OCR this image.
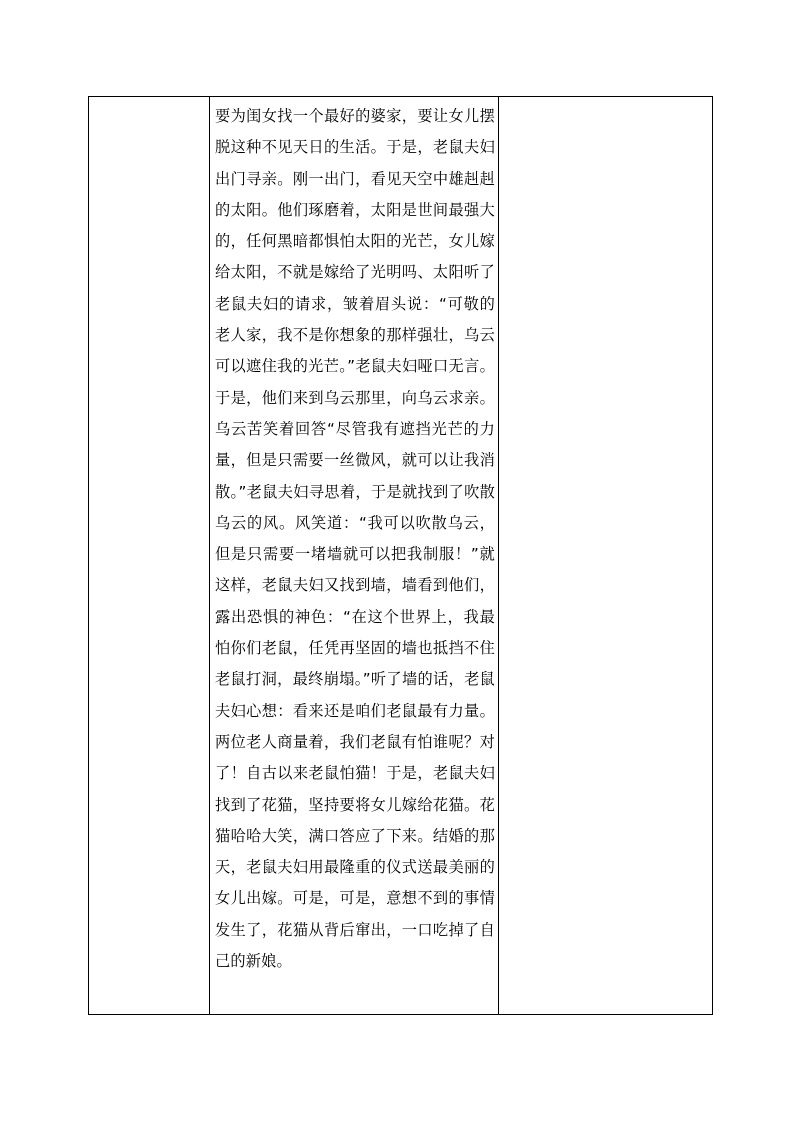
要为闺女找一个最好的婆家，要让女儿摆脱这种不见天日的生活。于是，老鼠夫妇出门寻亲。刚一出门，看见天空中雄赳赳的太阳。他们琢磨着，太阳是世间最强大的，任何黑暗都惧怕太阳的光芒，女儿嫁给太阳，不就是嫁给了光明吗、太阳听了老鼠夫妇的请求，皱着眉头说：“可敬的老人家，我不是你想象的那样强壮，乌云可以遮住我的光芒。”老鼠夫妇哑口无言。于是，他们来到乌云那里，向乌云求亲。乌云苦笑着回答“尽管我有遮挡光芒的力量，但是只需要一丝微风，就可以让我消散。”老鼠夫妇寻思着，于是就找到了吹散乌云的风。风笑道：“我可以吹散乌云，但是只需要一堵墙就可以把我制服！”就这样，老鼠夫妇又找到墙，墙看到他们，露出恐惧的神色：“在这个世界上，我最怕你们老鼠，任凭再坚固的墙也抵挡不住老鼠打洞，最终崩塌。”听了墙的话，老鼠夫妇心想：看来还是咱们老鼠最有力量。两位老人商量着，我们老鼠有怕谁呢？对了！自古以来老鼠怕猫！于是，老鼠夫妇找到了花猫，坚持要将女儿嫁给花猫。花猫哈哈大笑，满口答应了下来。结婚的那天，老鼠夫妇用最隆重的仪式送最美丽的女儿出嫁。可是，可是，意想不到的事情发生了，花猫从背后窜出，一口吃掉了自己的新娘。
